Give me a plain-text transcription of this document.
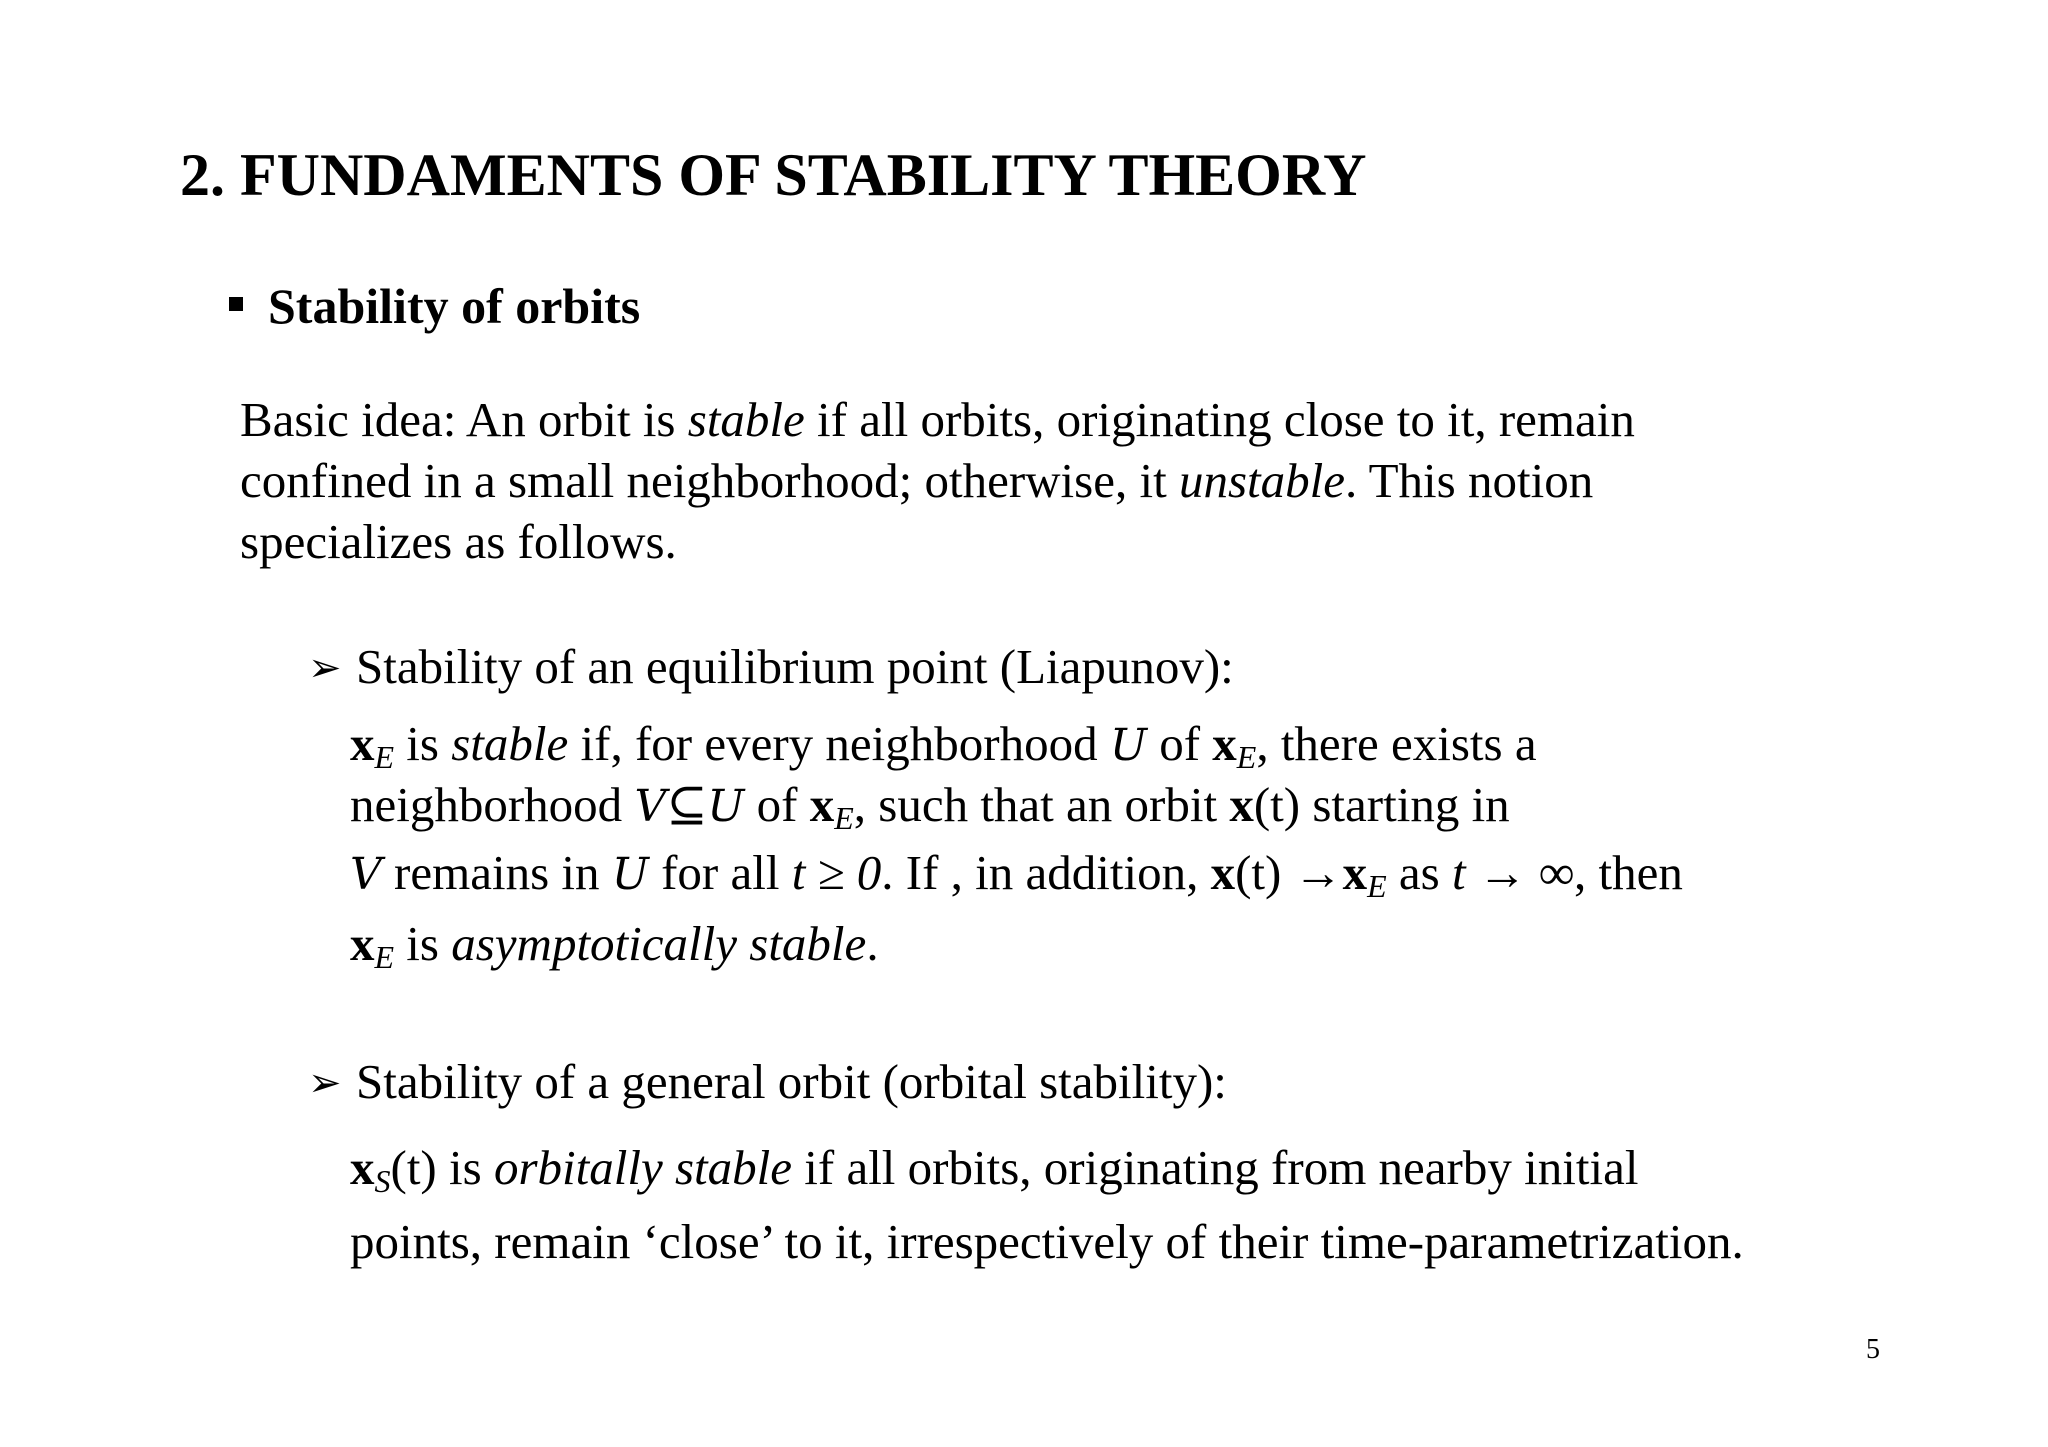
2. FUNDAMENTS OF STABILITY THEORY
Stability of orbits
Basic idea: An orbit is stable if all orbits, originating close to it, remain
confined in a small neighborhood; otherwise, it unstable. This notion
specializes as follows.
➢ Stability of an equilibrium point (Liapunov):
$x_E$ is stable if, for every neighborhood U of $x_E$, there exists a
neighborhood V⊆U of $x_E$, such that an orbit x(t) starting in
V remains in U for all t ≥ 0. If , in addition, $x(t) \to x_E$ as t → ∞, then
$x_E$ is asymptotically stable.
➢ Stability of a general orbit (orbital stability):
$x_S(t)$ is orbitally stable if all orbits, originating from nearby initial
points, remain ‘close’ to it, irrespectively of their time-parametrization.
5
